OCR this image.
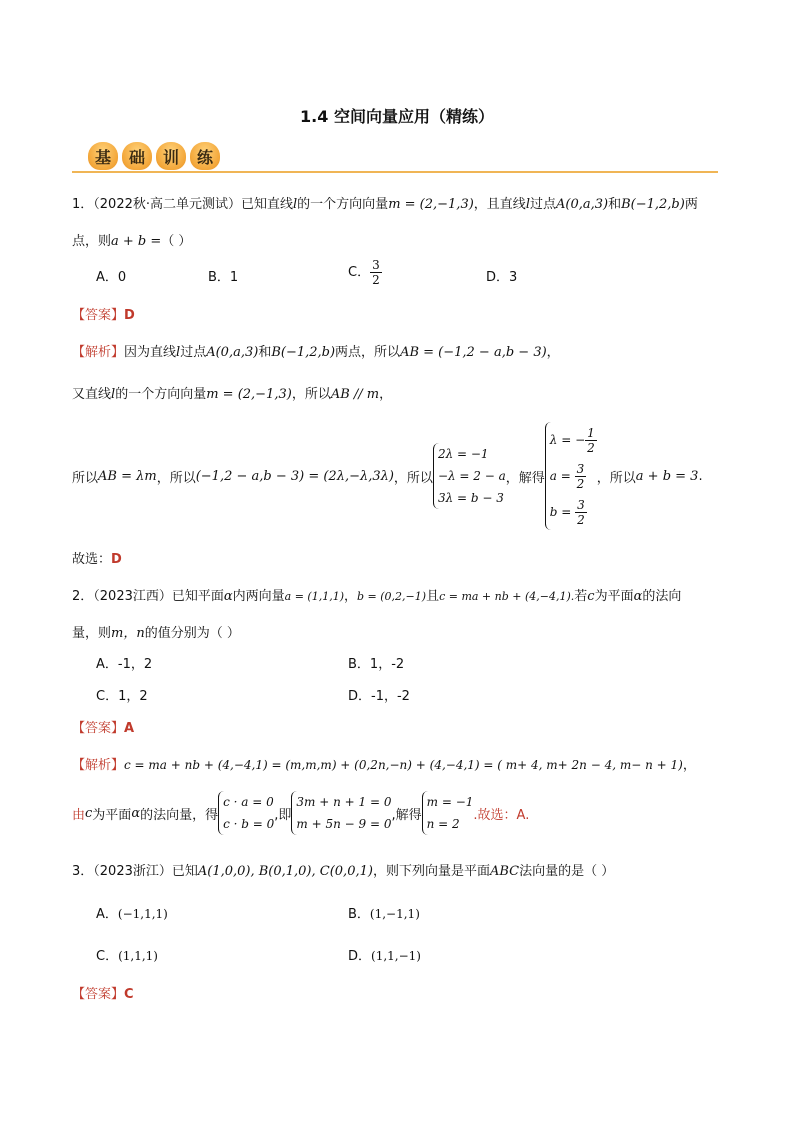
1.4 空间向量应用（精练）
基	础	训	练
1．（2022秋·高二单元测试）已知直线l的一个方向向量m = (2,−1,3)，且直线l过点A(0,a,3)和B(−1,2,b)两
点，则a + b =（ ）
A．0	B．1	C． $\frac{3}{2}$	D．3
【答案】D
【解析】因为直线l过点A(0,a,3)和B(−1,2,b)两点，所以AB = (−1,2 − a,b − 3)，
又直线l的一个方向向量m = (2,−1,3)，所以AB // m，
所以 AB = λm ，所以 (−1,2 − a,b − 3) = (2λ,−λ,3λ) ，所以
2λ = −1
−λ = 2 − a
3λ = b − 3
，解得
λ = − $\frac{1}{2}$
$a = \frac{3}{2}$
$b = \frac{3}{2}$
，所以 a + b = 3 .
故选：D
2．（2023江西）已知平面α内两向量a = (1,1,1)，b = (0,2,−1)且c = ma + nb + (4,−4,1).若c为平面α的法向
量，则m，n的值分别为（ ）
A．-1，2	B．1，-2
C．1，2	D．-1，-2
【答案】A
【解析】c = ma + nb + (4,−4,1) = (m,m,m) + (0,2n,−n) + (4,−4,1) = ( m+ 4, m+ 2n − 4, m− n + 1)，
由 c 为平面 α 的法向量，得
c · a = 0
c · b = 0
,即
3m + n + 1 = 0
m + 5n − 9 = 0
,解得
m = −1
n = 2
.故选：A.
3．（2023浙江）已知A(1,0,0), B(0,1,0), C(0,0,1)，则下列向量是平面ABC法向量的是（ ）
A．(−1,1,1)	B．(1,−1,1)
C．(1,1,1)	D．(1,1,−1)
【答案】C
